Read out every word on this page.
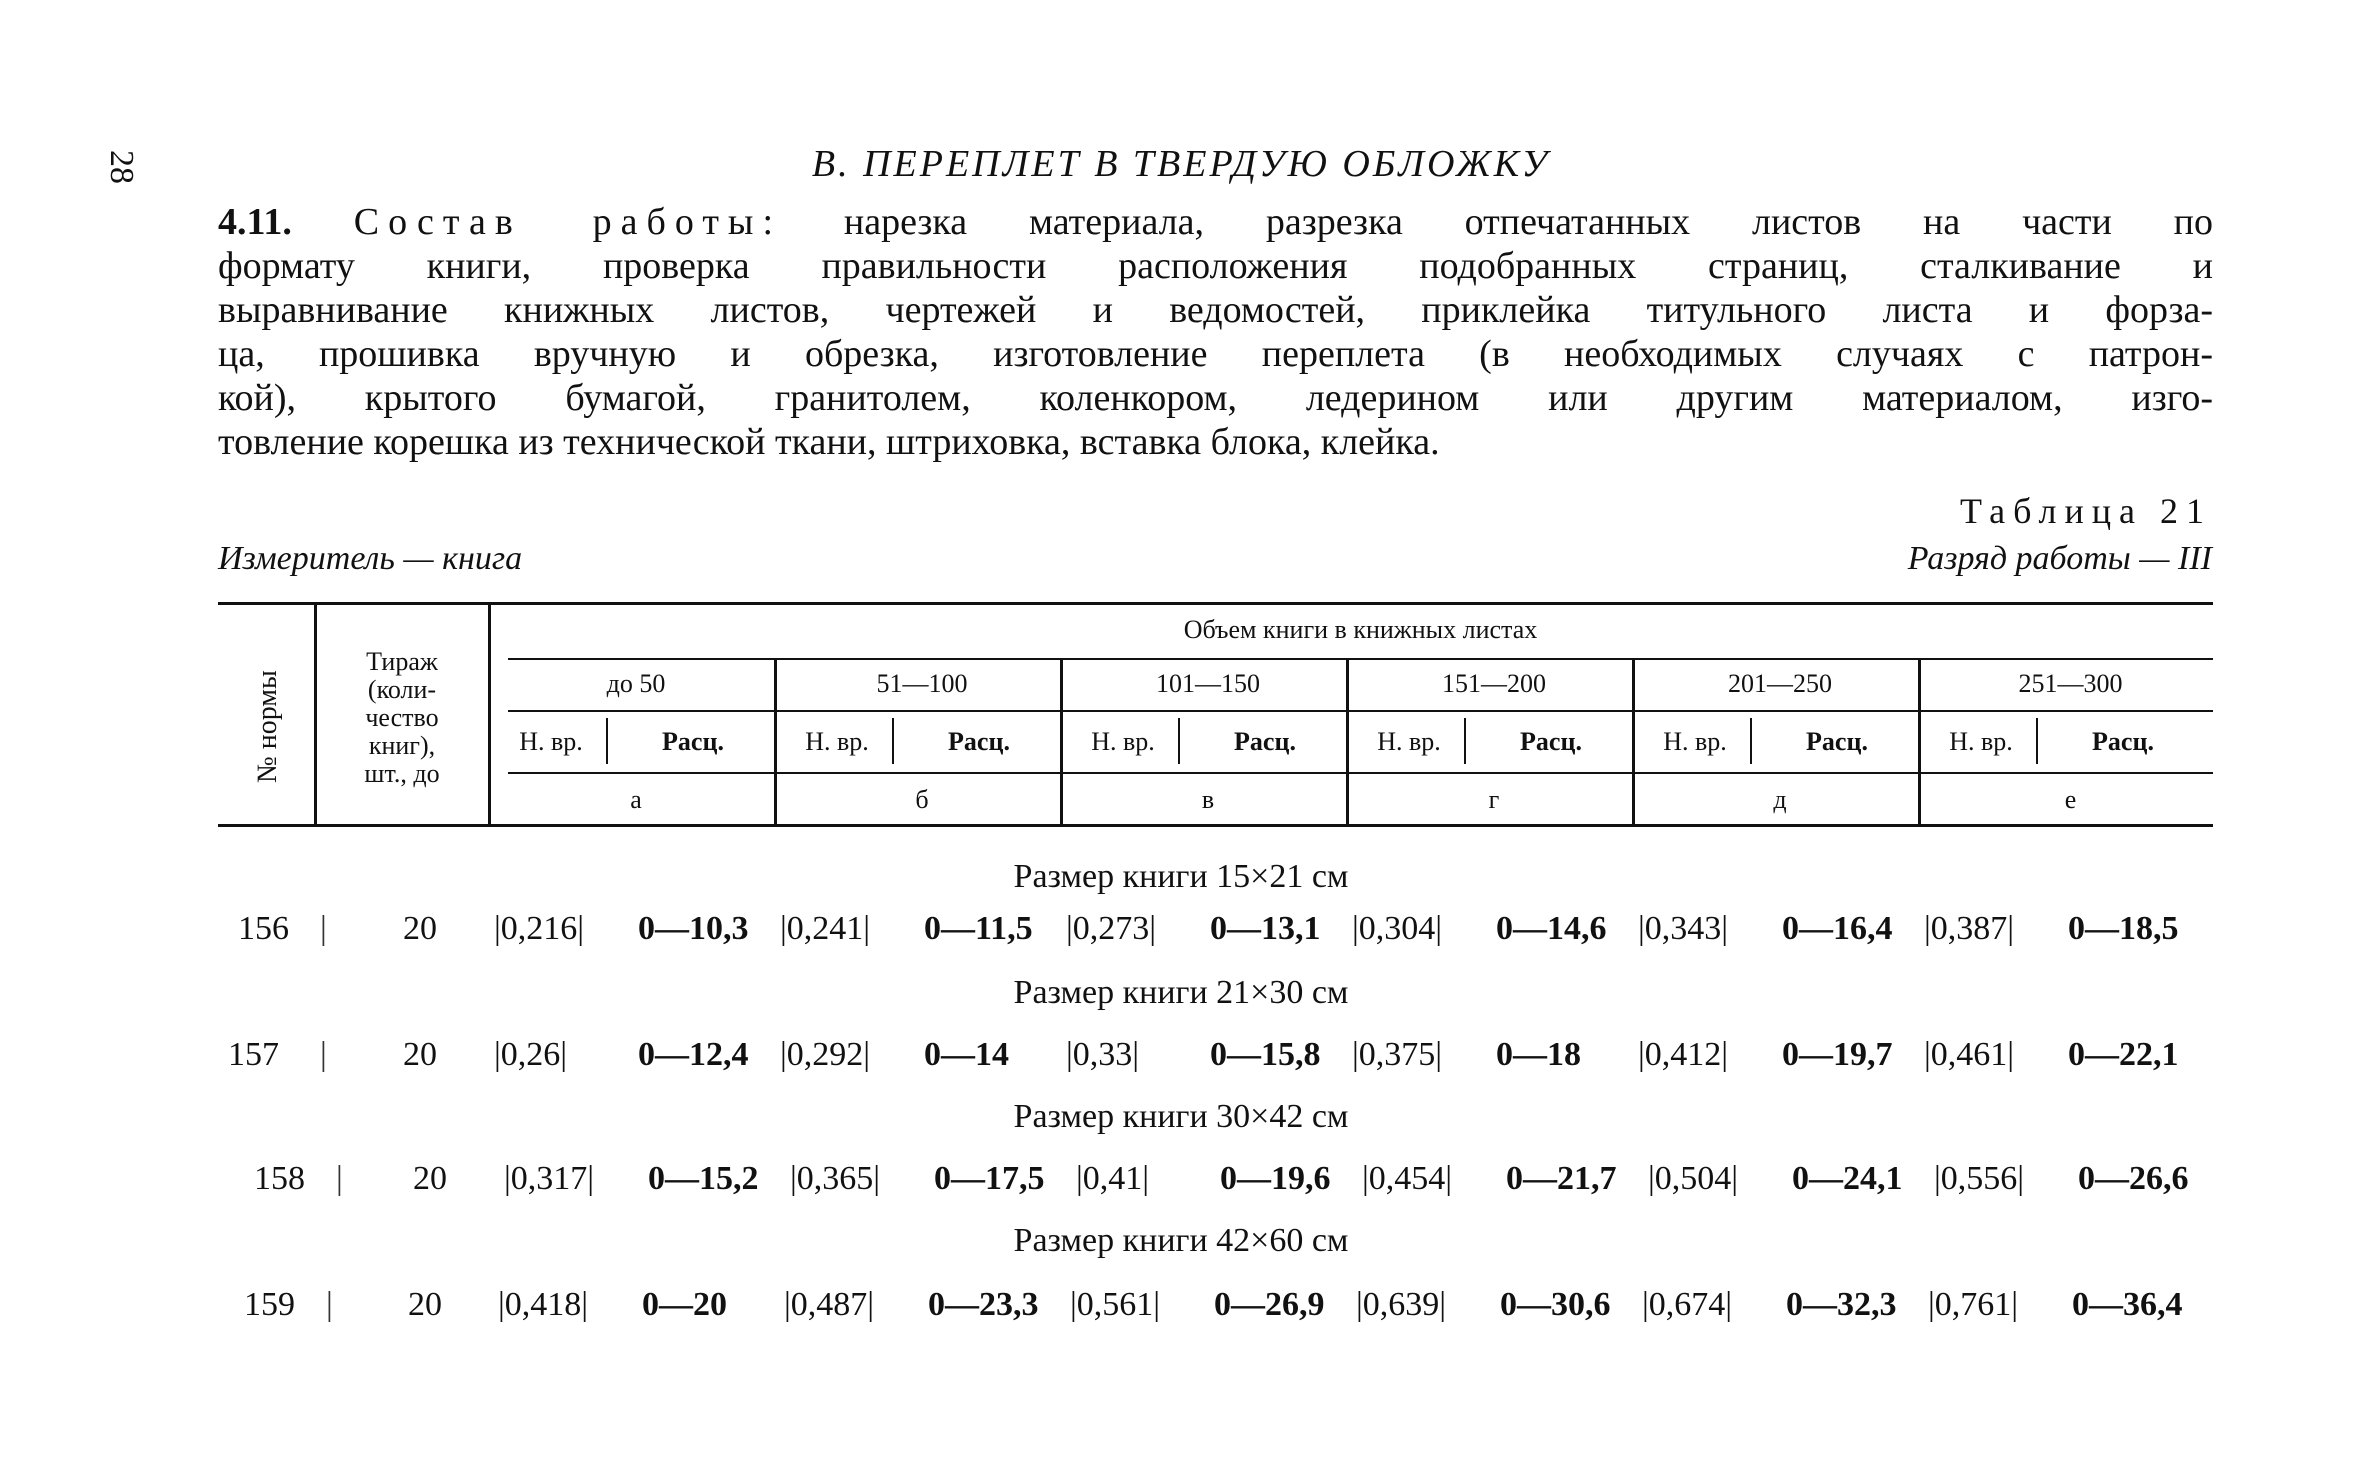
28	В. ПЕРЕПЛЕТ В ТВЕРДУЮ ОБЛОЖКУ
4.11. Состав работы: нарезка материала, разрезка отпечатанных листов на части по
формату книги, проверка правильности расположения подобранных страниц, сталкивание и
выравнивание книжных листов, чертежей и ведомостей, приклейка титульного листа и форза-
ца, прошивка вручную и обрезка, изготовление переплета (в необходимых случаях с патрон-
кой), крытого бумагой, гранитолем, коленкором, ледерином или другим материалом, изго-
товление корешка из технической ткани, штриховка, вставка блока, клейка.
Таблица 21
Измеритель — книга	Разряд работы — III
№ нормы
Тираж
(коли-
чество
книг),
шт., до
Объем книги в книжных листах
до 50	51—100	101—150	151—200	201—250	251—300
Н. вр.	Расц.	Н. вр.	Расц.	Н. вр.	Расц.	Н. вр.	Расц.	Н. вр.	Расц.	Н. вр.	Расц.
а	б	в	г	д	е
Размер книги 15×21 см
156 | 20 |0,216| 0—10,3 |0,241| 0—11,5 |0,273| 0—13,1 |0,304| 0—14,6 |0,343| 0—16,4 |0,387| 0—18,5
Размер книги 21×30 см
157 | 20 |0,26| 0—12,4 |0,292| 0—14 |0,33| 0—15,8 |0,375| 0—18 |0,412| 0—19,7 |0,461| 0—22,1
Размер книги 30×42 см
158 | 20 |0,317| 0—15,2 |0,365| 0—17,5 |0,41| 0—19,6 |0,454| 0—21,7 |0,504| 0—24,1 |0,556| 0—26,6
Размер книги 42×60 см
159 | 20 |0,418| 0—20 |0,487| 0—23,3 |0,561| 0—26,9 |0,639| 0—30,6 |0,674| 0—32,3 |0,761| 0—36,4
